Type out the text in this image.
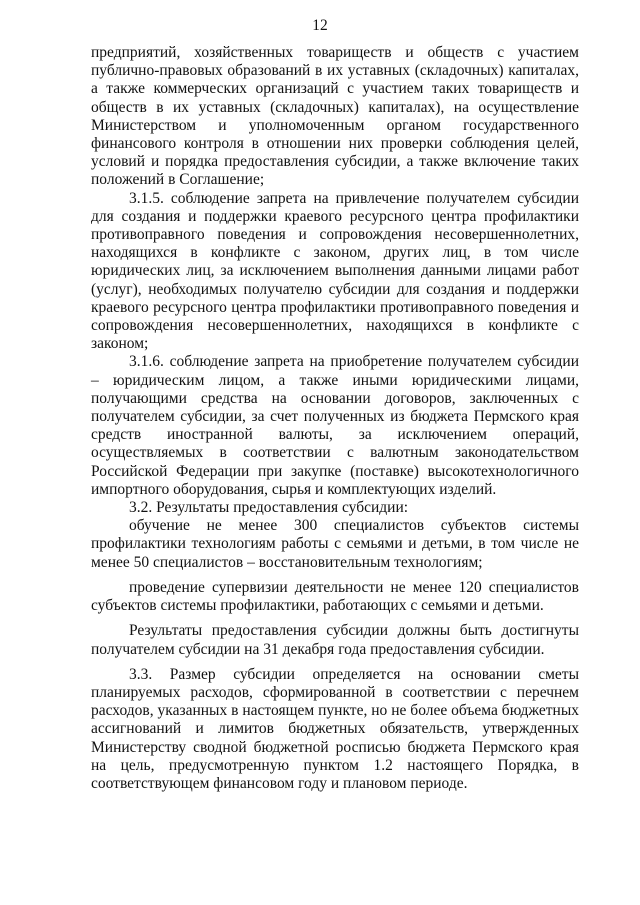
12

предприятий, хозяйственных товариществ и обществ с участием публично-правовых образований в их уставных (складочных) капиталах, а также коммерческих организаций с участием таких товариществ и обществ в их уставных (складочных) капиталах), на осуществление Министерством и уполномоченным органом государственного финансового контроля в отношении них проверки соблюдения целей, условий и порядка предоставления субсидии, а также включение таких положений в Соглашение;

3.1.5. соблюдение запрета на привлечение получателем субсидии для создания и поддержки краевого ресурсного центра профилактики противоправного поведения и сопровождения несовершеннолетних, находящихся в конфликте с законом, других лиц, в том числе юридических лиц, за исключением выполнения данными лицами работ (услуг), необходимых получателю субсидии для создания и поддержки краевого ресурсного центра профилактики противоправного поведения и сопровождения несовершеннолетних, находящихся в конфликте с законом;

3.1.6. соблюдение запрета на приобретение получателем субсидии – юридическим лицом, а также иными юридическими лицами, получающими средства на основании договоров, заключенных с получателем субсидии, за счет полученных из бюджета Пермского края средств иностранной валюты, за исключением операций, осуществляемых в соответствии с валютным законодательством Российской Федерации при закупке (поставке) высокотехнологичного импортного оборудования, сырья и комплектующих изделий.

3.2. Результаты предоставления субсидии:

обучение не менее 300 специалистов субъектов системы профилактики технологиям работы с семьями и детьми, в том числе не менее 50 специалистов – восстановительным технологиям;

проведение супервизии деятельности не менее 120 специалистов субъектов системы профилактики, работающих с семьями и детьми.

Результаты предоставления субсидии должны быть достигнуты получателем субсидии на 31 декабря года предоставления субсидии.

3.3. Размер субсидии определяется на основании сметы планируемых расходов, сформированной в соответствии с перечнем расходов, указанных в настоящем пункте, но не более объема бюджетных ассигнований и лимитов бюджетных обязательств, утвержденных Министерству сводной бюджетной росписью бюджета Пермского края на цель, предусмотренную пунктом 1.2 настоящего Порядка, в соответствующем финансовом году и плановом периоде.
